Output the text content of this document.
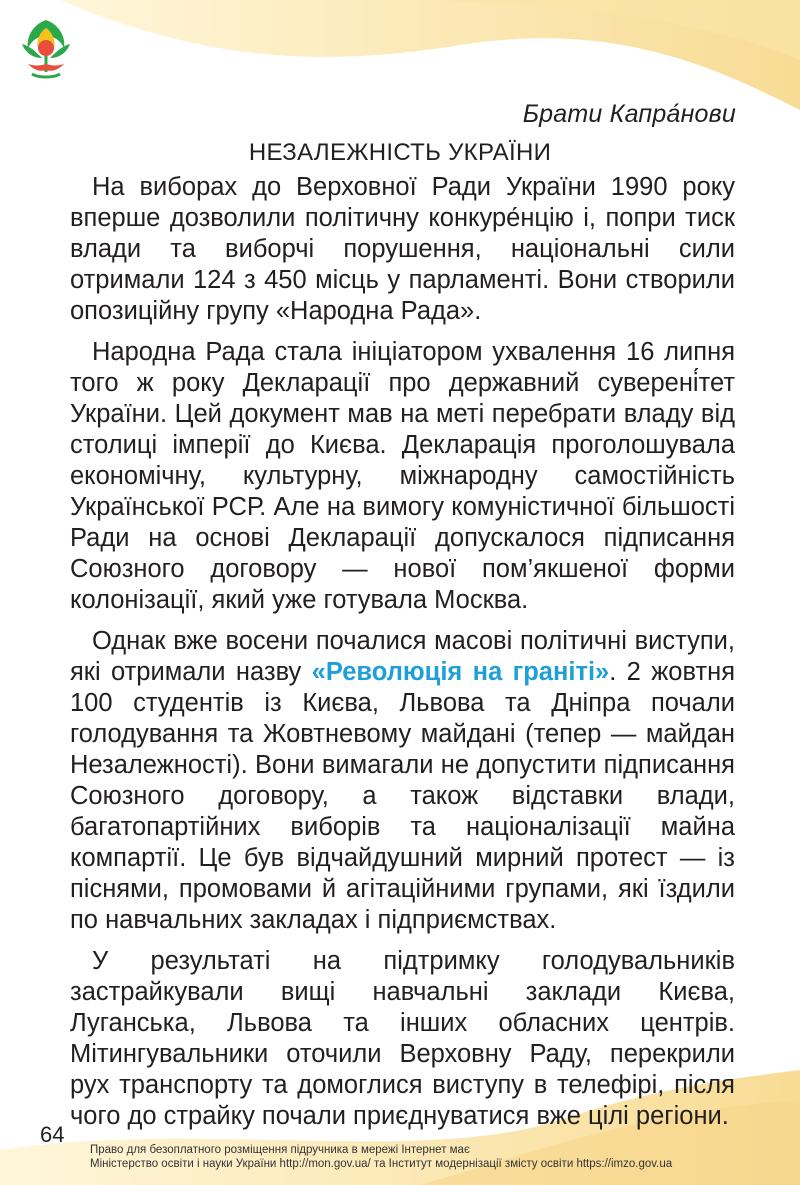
Брати Капра́нови
НЕЗАЛЕЖНІСТЬ УКРАЇНИ

На виборах до Верховної Ради України 1990 року вперше дозволили політичну конкуре́нцію і, попри тиск влади та виборчі порушення, національні сили отримали 124 з 450 місць у парламенті. Вони створили опозиційну групу «Народна Рада».

Народна Рада стала ініціатором ухвалення 16 липня того ж року Декларації про державний суверені́тет України. Цей документ мав на меті перебрати владу від столиці імперії до Києва. Декларація проголошувала економічну, культурну, міжнародну самостійність Української РСР. Але на вимогу комуністичної більшості Ради на основі Декларації допускалося підписання Союзного договору — нової пом’якшеної форми колонізації, який уже готувала Москва.

Однак вже восени почалися масові політичні виступи, які отримали назву «Революція на граніті». 2 жовтня 100 студентів із Києва, Львова та Дніпра почали голодування та Жовтневому майдані (тепер — майдан Незалежності). Вони вимагали не допустити підписання Союзного договору, а також відставки влади, багатопартійних виборів та націоналізації майна компартії. Це був відчайдушний мирний протест — із піснями, промовами й агітаційними групами, які їздили по навчальних закладах і підприємствах.

У результаті на підтримку голодувальників застрайкували вищі навчальні заклади Києва, Луганська, Львова та інших обласних центрів. Мітингувальники оточили Верховну Раду, перекрили рух транспорту та домоглися виступу в телефірі, після чого до страйку почали приєднуватися вже цілі регіони.

64
Право для безоплатного розміщення підручника в мережі Інтернет має
Міністерство освіти і науки України http://mon.gov.ua/ та Інститут модернізації змісту освіти https://imzo.gov.ua
